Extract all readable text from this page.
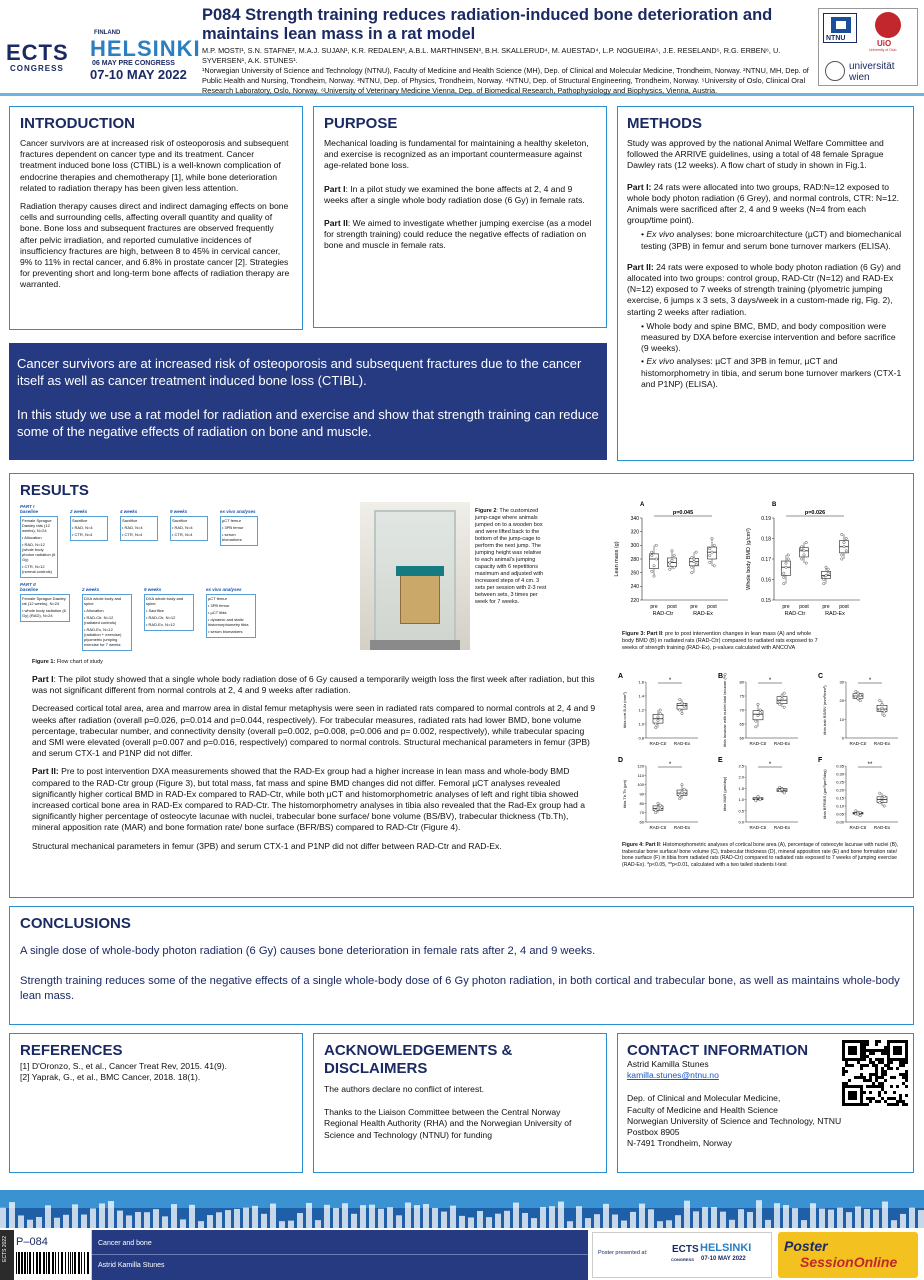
ECTS
CONGRESS
FINLAND
HELSINKI
06 MAY PRE CONGRESS
07-10 MAY 2022
P084 Strength training reduces radiation-induced bone deterioration and maintains lean mass in a rat model
M.P. MOSTI¹, S.N. STAFNE², M.A.J. SUJAN¹, K.R. REDALEN³, A.B.L. MARTHINSEN³, B.H. SKALLERUD⁴, M. AUESTAD⁴, L.P. NOGUEIRA⁵, J.E. RESELAND⁵, R.G. ERBEN⁶, U. SYVERSEN¹, A.K. STUNES¹.
¹Norwegian University of Science and Technology (NTNU), Faculty of Medicine and Health Science (MH), Dep. of Clinical and Molecular Medicine, Trondheim, Norway. ²NTNU, MH, Dep. of Public Health and Nursing, Trondheim, Norway. ³NTNU, Dep. of Physics, Trondheim, Norway. ⁴NTNU, Dep. of Structural Engineering, Trondheim, Norway. ⁵University of Oslo, Clinical Oral Research Laboratory, Oslo, Norway. ⁶University of Veterinary Medicine Vienna, Dep. of Biomedical Research, Pathophysiology and Biophysics, Vienna, Austria.
NTNU
UiO
University of Oslo
universität
wien
INTRODUCTION

Cancer survivors are at increased risk of osteoporosis and subsequent fractures dependent on cancer type and its treatment. Cancer treatment induced bone loss (CTIBL) is a well-known complication of endocrine therapies and chemotherapy [1], while bone deterioration related to radiation therapy has been given less attention.

Radiation therapy causes direct and indirect damaging effects on bone cells and surrounding cells, affecting overall quantity and quality of bone. Bone loss and subsequent fractures are observed frequently after pelvic irradiation, and reported cumulative incidences of insufficiency fractures are high, between 8 to 45% in cervical cancer, 9% to 11% in rectal cancer, and 6.8% in prostate cancer [2]. Strategies for preventing short and long-term bone affects of radiation therapy are warranted.

PURPOSE

Mechanical loading is fundamental for maintaining a healthy skeleton, and exercise is recognized as an important countermeasure against age-related bone loss.

Part I: In a pilot study we examined the bone affects at 2, 4 and 9 weeks after a single whole body radiation dose (6 Gy) in female rats.

Part II: We aimed to investigate whether jumping exercise (as a model for strength training) could reduce the negative effects of radiation on bone and muscle in female rats.

Cancer survivors are at increased risk of osteoporosis and subsequent fractures due to the cancer itself as well as cancer treatment induced bone loss (CTIBL).

In this study we use a rat model for radiation and exercise and show that strength training can reduce some of the negative effects of radiation on bone and muscle.

METHODS

Study was approved by the national Animal Welfare Committee and followed the ARRIVE guidelines, using a total of 48 female Sprague Dawley rats (12 weeks). A flow chart of study in shown in Fig.1.

Part I: 24 rats were allocated into two groups, RAD:N=12 exposed to whole body photon radiation (6 Grey), and normal controls, CTR: N=12. Animals were sacrificed after 2, 4 and 9 weeks (N=4 from each group/time point).

• Ex vivo analyses: bone microarchitecture (µCT) and biomechanical testing (3PB) in femur and serum bone turnover markers (ELISA).

Part II: 24 rats were exposed to whole body photon radiation (6 Gy) and allocated into two groups: control group, RAD-Ctr (N=12) and RAD-Ex (N=12) exposed to 7 weeks of strength training (plyometric jumping exercise, 6 jumps x 3 sets, 3 days/week in a custom-made rig, Fig. 2), starting 2 weeks after radiation.

• Whole body and spine BMC, BMD, and body composition were measured by DXA before exercise intervention and before sacrifice (9 weeks).

• Ex vivo analyses: µCT and 3PB in femur, µCT and histomorphometry in tibia, and serum bone turnover markers (CTX-1 and P1NP) (ELISA).

RESULTS
PART I
baseline
Female Sprague Dawley rats (12 weeks), N=24
• Allocation
• RAD, N=12 (whole body photon radiation (6 Gy)
• CTR, N=12 (normal controls)
2 weeks
Sacrifice
• RAD, N=4
• CTR, N=4
4 weeks
Sacrifice
• RAD, N=4
• CTR, N=4
9 weeks
Sacrifice
• RAD, N=4
• CTR, N=4
ex vivo analyses
µCT femur
• 3PB femur
• serum biomarkers
PART II
baseline
Female Sprague Dawley rat (12 weeks), N=24
• whole body radiation (6 Gy) (RAD), N=24
2 weeks
DXA whole body and spine
• Allocation
• RAD-Ctr, N=12 (radiated controls)
• RAD-Ex, N=12 (radiation + exercise) plyometric jumping exercise for 7 weeks
9 weeks
DXA whole body and spine
• Sacrifice
• RAD-Ctr, N=12
• RAD-Ex, N=12
ex vivo analyses
µCT femur
• 3PB femur
• µCT tibia
• dynamic and static histomorphometry tibia
• serum biomarkers
Figure 1: Flow chart of study
Figure 2: The customized jump-cage where animals jumped on to a wooden box and were lifted back to the bottom of the jump-cage to perform the next jump. The jumping height was relative to each animal's jumping capacity with 6 repetitions maximum and adjusted with increased steps of 4 cm. 3 sets per session with 2-3 rest between sets, 3 times per week for 7 weeks.
A
220
240
260
280
300
320
340
Lean mass (g)
pre post	pre post
RAD-Ctr	RAD-Ex
p=0.045
B
0.15
0.16
0.17
0.18
0.19
Whole body BMD (g/cm²)
pre post	pre post
RAD-Ctr	RAD-Ex
p=0.026
Figure 3: Part II: pre to post intervention changes in lean mass (A) and whole body BMD (B) in radiated rats (RAD-Ctr) compared to radiated rats exposed to 7 weeks of strength training (RAD-Ex), p-values calculated with ANCOVA

Part I: The pilot study showed that a single whole body radiation dose of 6 Gy caused a temporarily weigth loss the first week after radiation, but this was not significant different from normal controls at 2, 4 and 9 weeks after radiation.

Decreased cortical total area, area and marrow area in distal femur metaphysis were seen in radiated rats compared to normal controls at 2, 4 and 9 weeks after radiation (overall p=0.026, p=0.014 and p=0.044, respectively). For trabecular measures, radiated rats had lower BMD, bone volume percentage, trabecular number, and connectivity density (overall p=0.002, p=0.008, p=0.006 and p= 0.002, respectively), while trabecular spacing and SMI were elevated (overall p=0.007 and p=0.016, respectively) compared to normal controls. Structural mechanical parameters in femur (3PB) and serum CTX-1 and P1NP did not differ.

Part II: Pre to post intervention DXA measurements showed that the RAD-Ex group had a higher increase in lean mass and whole-body BMD compared to the RAD-Ctr group (Figure 3), but total mass, fat mass and spine BMD changes did not differ. Femoral µCT analyses revealed significantly higher cortical BMD in RAD-Ex compared to RAD-Ctr, while both µCT and histomorphometric analyses of left and right tibia showed increased cortical bone area in RAD-Ex compared to RAD-Ctr. The histomorphometry analyses in tibia also revealed that the Rad-Ex group had a significantly higher percentage of osteocyte lacunae with nuclei, trabecular bone surface/ bone volume (BS/BV), trabecular thickness (Tb.Th), mineral apposition rate (MAR) and bone formation rate/ bone surface (BFR/BS) compared to RAD-Ctr (Figure 4).

Structural mechanical parameters in femur (3PB) and serum CTX-1 and P1NP did not differ between RAD-Ctr and RAD-Ex.

A
0.8
1.0
1.2
1.4
1.6
tibia cort B.Ar (mm²)
RAD-Ctr RAD-Ex
*
B
60
65
70
75
80
tibia lacunae with nuclei total lacunae (%)	RAD-Ctr RAD-Ex
*
C
0
10
20
30
tibia trab BS/BV (mm²/mm³)
RAD-Ctr RAD-Ex
*
D
60
70
80
90
100
110
120
tibia Tb.Th (µm)
RAD-Ctr RAD-Ex
*
E
0.0
0.5
1.0
1.5
2.0
2.5
tibia MAR (µm/day)
RAD-Ctr RAD-Ex
*
F
0.00
0.05
0.10
0.15
0.20
0.25
0.30
0.35
tibia BFR/BS (µm³/µm²/day)
RAD-Ctr RAD-Ex
**
Figure 4: Part II: Histomorphometric analyses of cortical bone area (A), percentage of osteocyte lacunae with nuclei (B), trabecular bone surface/ bone volume (C), trabecular thickness (D), mineral apposition rate (E) and bone formation rate/ bone surface (F) in tibia from radiated rats (RAD-Ctr) compared to radiated rats exposed to 7 weeks of jumping exercise (RAD-Ex). *p<0.05, **p<0.01, calculated with a two tailed students t-test
CONCLUSIONS

A single dose of whole-body photon radiation (6 Gy) causes bone deterioration in female rats after 2, 4 and 9 weeks.

Strength training reduces some of the negative effects of a single whole-body dose of 6 Gy photon radiation, in both cortical and trabecular bone, as well as maintains whole-body lean mass.

REFERENCES
[1] D'Oronzo, S., et al., Cancer Treat Rev, 2015. 41(9).
[2] Yaprak, G., et al., BMC Cancer, 2018. 18(1).
ACKNOWLEDGEMENTS & DISCLAIMERS

The authors declare no conflict of interest.

Thanks to the Liaison Committee between the Central Norway Regional Health Authority (RHA) and the Norwegian University of Science and Technology (NTNU) for funding

CONTACT INFORMATION
Astrid Kamilla Stunes
kamilla.stunes@ntnu.no
Dep. of Clinical and Molecular Medicine,
Faculty of Medicine and Health Science
Norwegian University of Science and Technology, NTNU
Postbox 8905
N-7491 Trondheim, Norway
ECTS 2022 P–084	Cancer and bone
Astrid Kamilla Stunes
Poster presented at: ECTS
CONGRESS
HELSINKI
07-10 MAY 2022
Poster
SessionOnline
